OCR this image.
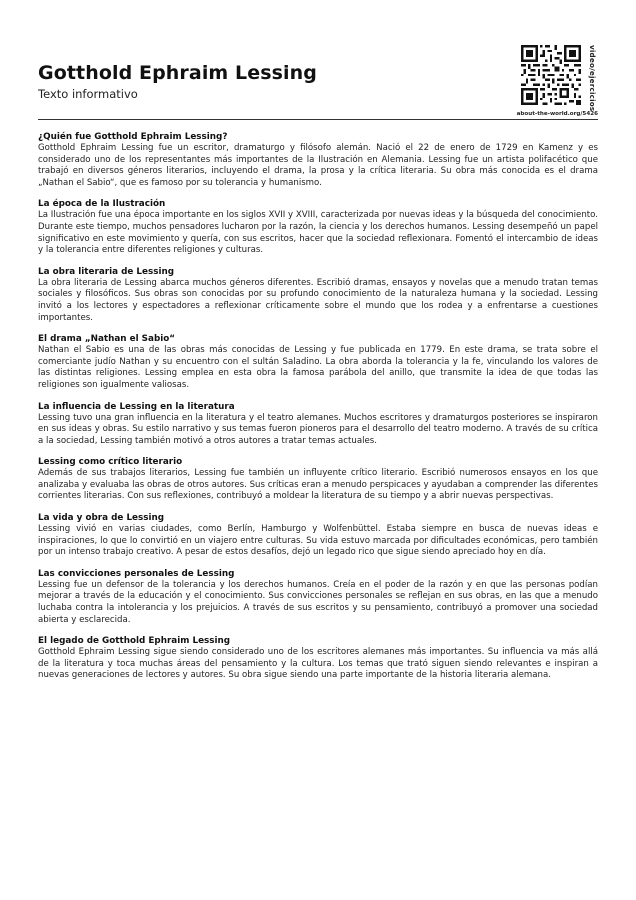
Gotthold Ephraim Lessing
Texto informativo	video/ejercicios
about-the-world.org/5426
¿Quién fue Gotthold Ephraim Lessing?

Gotthold Ephraim Lessing fue un escritor, dramaturgo y filósofo alemán. Nació el 22 de enero de 1729 en Kamenz y es considerado uno de los representantes más importantes de la Ilustración en Alemania. Lessing fue un artista polifacético que trabajó en diversos géneros literarios, incluyendo el drama, la prosa y la crítica literaria. Su obra más conocida es el drama „Nathan el Sabio“, que es famoso por su tolerancia y humanismo.

La época de la Ilustración

La Ilustración fue una época importante en los siglos XVII y XVIII, caracterizada por nuevas ideas y la búsqueda del conocimiento. Durante este tiempo, muchos pensadores lucharon por la razón, la ciencia y los derechos humanos. Lessing desempeñó un papel significativo en este movimiento y quería, con sus escritos, hacer que la sociedad reflexionara. Fomentó el intercambio de ideas y la tolerancia entre diferentes religiones y culturas.

La obra literaria de Lessing

La obra literaria de Lessing abarca muchos géneros diferentes. Escribió dramas, ensayos y novelas que a menudo tratan temas sociales y filosóficos. Sus obras son conocidas por su profundo conocimiento de la naturaleza humana y la sociedad. Lessing invitó a los lectores y espectadores a reflexionar críticamente sobre el mundo que los rodea y a enfrentarse a cuestiones importantes.

El drama „Nathan el Sabio“

Nathan el Sabio es una de las obras más conocidas de Lessing y fue publicada en 1779. En este drama, se trata sobre el comerciante judío Nathan y su encuentro con el sultán Saladino. La obra aborda la tolerancia y la fe, vinculando los valores de las distintas religiones. Lessing emplea en esta obra la famosa parábola del anillo, que transmite la idea de que todas las religiones son igualmente valiosas.

La influencia de Lessing en la literatura

Lessing tuvo una gran influencia en la literatura y el teatro alemanes. Muchos escritores y dramaturgos posteriores se inspiraron en sus ideas y obras. Su estilo narrativo y sus temas fueron pioneros para el desarrollo del teatro moderno. A través de su crítica a la sociedad, Lessing también motivó a otros autores a tratar temas actuales.

Lessing como crítico literario

Además de sus trabajos literarios, Lessing fue también un influyente crítico literario. Escribió numerosos ensayos en los que analizaba y evaluaba las obras de otros autores. Sus críticas eran a menudo perspicaces y ayudaban a comprender las diferentes corrientes literarias. Con sus reflexiones, contribuyó a moldear la literatura de su tiempo y a abrir nuevas perspectivas.

La vida y obra de Lessing

Lessing vivió en varias ciudades, como Berlín, Hamburgo y Wolfenbüttel. Estaba siempre en busca de nuevas ideas e inspiraciones, lo que lo convirtió en un viajero entre culturas. Su vida estuvo marcada por dificultades económicas, pero también por un intenso trabajo creativo. A pesar de estos desafíos, dejó un legado rico que sigue siendo apreciado hoy en día.

Las convicciones personales de Lessing

Lessing fue un defensor de la tolerancia y los derechos humanos. Creía en el poder de la razón y en que las personas podían mejorar a través de la educación y el conocimiento. Sus convicciones personales se reflejan en sus obras, en las que a menudo luchaba contra la intolerancia y los prejuicios. A través de sus escritos y su pensamiento, contribuyó a promover una sociedad abierta y esclarecida.

El legado de Gotthold Ephraim Lessing

Gotthold Ephraim Lessing sigue siendo considerado uno de los escritores alemanes más importantes. Su influencia va más allá de la literatura y toca muchas áreas del pensamiento y la cultura. Los temas que trató siguen siendo relevantes e inspiran a nuevas generaciones de lectores y autores. Su obra sigue siendo una parte importante de la historia literaria alemana.
